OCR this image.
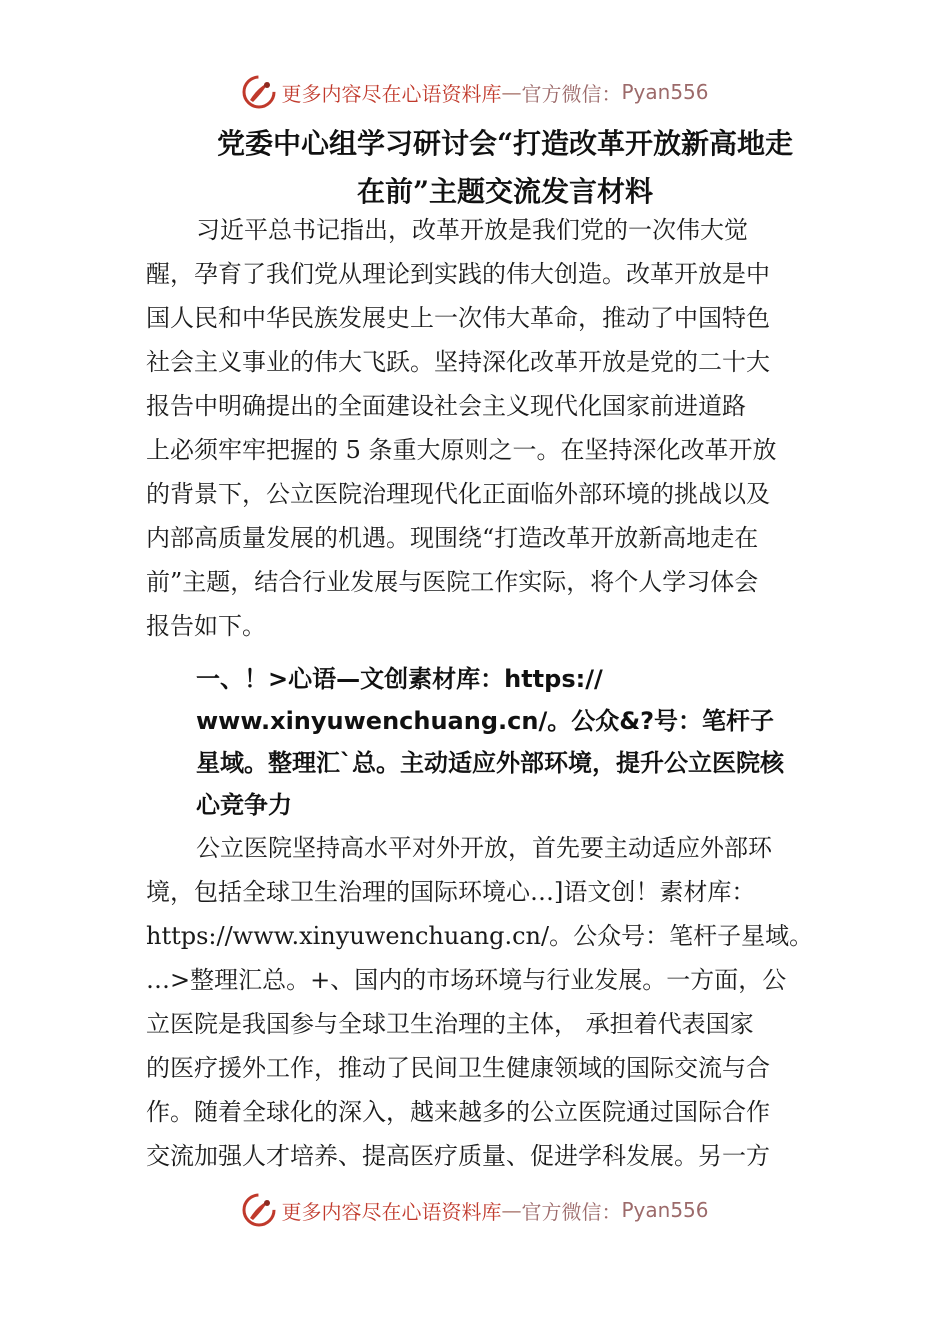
更多内容尽在心语资料库 — 官方微信： Pyan556
党委中心组学习研讨会“打造改革开放新高地走
在前”主题交流发言材料
习近平总书记指出，改革开放是我们党的一次伟大觉
醒，孕育了我们党从理论到实践的伟大创造。改革开放是中
国人民和中华民族发展史上一次伟大革命，推动了中国特色
社会主义事业的伟大飞跃。坚持深化改革开放是党的二十大
报告中明确提出的全面建设社会主义现代化国家前进道路
上必须牢牢把握的 5 条重大原则之一。在坚持深化改革开放
的背景下，公立医院治理现代化正面临外部环境的挑战以及
内部高质量发展的机遇。现围绕“打造改革开放新高地走在
前”主题，结合行业发展与医院工作实际，将个人学习体会
报告如下。
一、！>心语—文创素材库：https://
www.xinyuwenchuang.cn/。公众&?号：笔杆子
星域。整理汇`总。主动适应外部环境，提升公立医院核
心竞争力
公立医院坚持高水平对外开放，首先要主动适应外部环
境，包括全球卫生治理的国际环境心…]语文创！素材库：
https://www.xinyuwenchuang.cn/。公众号：笔杆子星域。
…>整理汇总。+、国内的市场环境与行业发展。一方面，公
立医院是我国参与全球卫生治理的主体， 承担着代表国家
的医疗援外工作，推动了民间卫生健康领域的国际交流与合
作。随着全球化的深入，越来越多的公立医院通过国际合作
交流加强人才培养、提高医疗质量、促进学科发展。另一方
更多内容尽在心语资料库 — 官方微信： Pyan556
